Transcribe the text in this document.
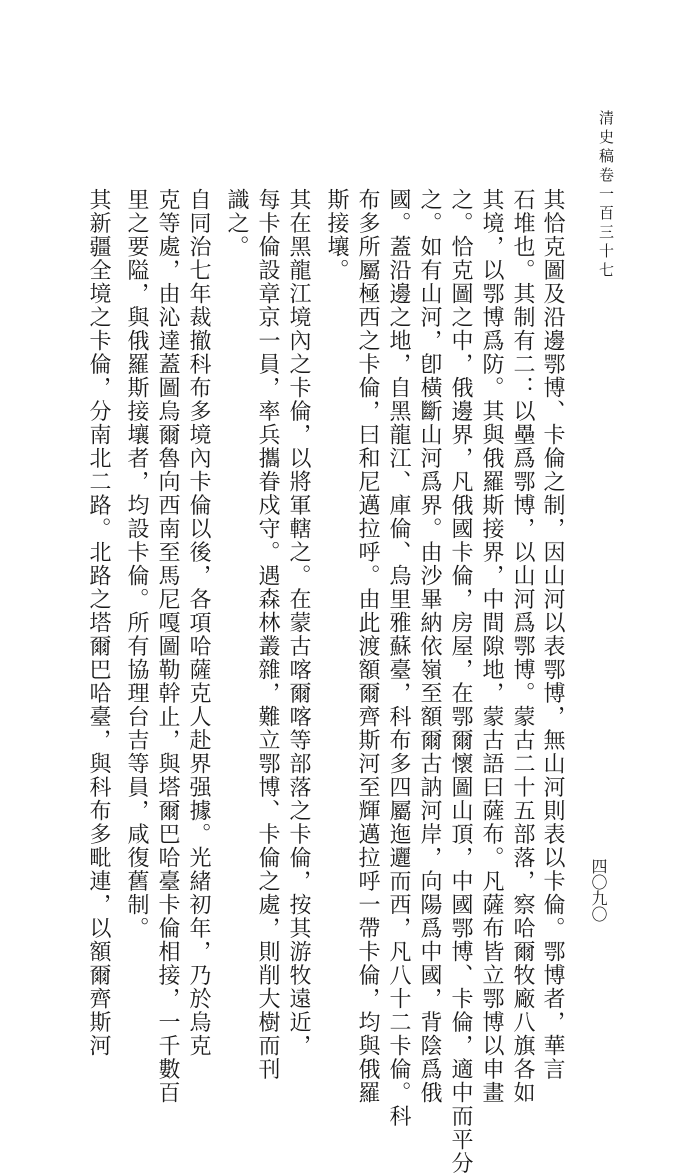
清史稿卷一百三十七
其恰克圖及沿邊鄂博、卡倫之制，因山河以表鄂博，無山河則表以卡倫。鄂博者，華言
石堆也。其制有二：以壘爲鄂博，以山河爲鄂博。蒙古二十五部落，察哈爾牧廠八旗各如
其境，以鄂博爲防。其與俄羅斯接界，中間隙地，蒙古語曰薩布。凡薩布皆立鄂博以申畫
之。恰克圖之中，俄邊界，凡俄國卡倫，房屋，在鄂爾懷圖山頂，中國鄂博、卡倫，適中而平分
之。如有山河，卽橫斷山河爲界。由沙畢納依嶺至額爾古訥河岸，向陽爲中國，背陰爲俄
國。蓋沿邊之地，自黑龍江、庫倫、烏里雅蘇臺，科布多四屬迤邐而西，凡八十二卡倫。科
布多所屬極西之卡倫，曰和尼邁拉呼。由此渡額爾齊斯河至輝邁拉呼一帶卡倫，均與俄羅
斯接壤。
其在黑龍江境內之卡倫，以將軍轄之。在蒙古喀爾喀等部落之卡倫，按其游牧遠近，
每卡倫設章京一員，率兵攜眷戍守。遇森林叢雜，難立鄂博、卡倫之處，則削大樹而刊
識之。
自同治七年裁撤科布多境內卡倫以後，各項哈薩克人赴界强據。光緒初年，乃於烏克
克等處，由沁達蓋圖烏爾魯向西南至馬尼嘎圖勒幹止，與塔爾巴哈臺卡倫相接，一千數百
里之要隘，與俄羅斯接壤者，均設卡倫。所有協理台吉等員，咸復舊制。
其新疆全境之卡倫，分南北二路。北路之塔爾巴哈臺，與科布多毗連，以額爾齊斯河	四〇九〇
